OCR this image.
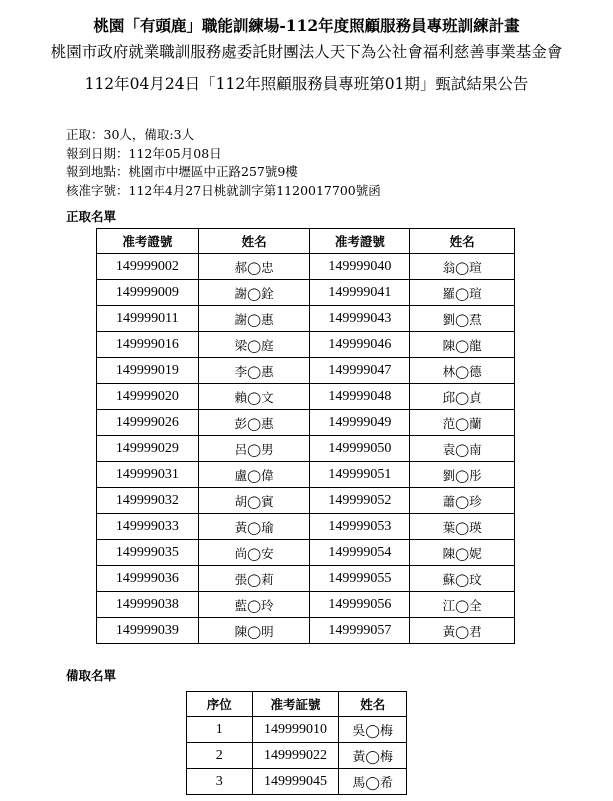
桃園「有頭鹿」職能訓練場-112年度照顧服務員專班訓練計畫
桃園市政府就業職訓服務處委託財團法人天下為公社會福利慈善事業基金會
112年04月24日「112年照顧服務員專班第01期」甄試結果公告
正取：30人，備取:3人
報到日期：112年05月08日
報到地點：桃園市中壢區中正路257號9樓
核准字號：112年4月27日桃就訓字第1120017700號函
正取名單
准考證號	姓名	准考證號	姓名
149999002	郝◯忠	149999040	翁◯瑄
149999009	謝◯銓	149999041	羅◯瑄
149999011	謝◯惠	149999043	劉◯焄
149999016	梁◯庭	149999046	陳◯龍
149999019	李◯惠	149999047	林◯德
149999020	賴◯文	149999048	邱◯貞
149999026	彭◯惠	149999049	范◯蘭
149999029	呂◯男	149999050	袁◯南
149999031	盧◯偉	149999051	劉◯彤
149999032	胡◯賓	149999052	蕭◯珍
149999033	黃◯瑜	149999053	葉◯瑛
149999035	尚◯安	149999054	陳◯妮
149999036	張◯莉	149999055	蘇◯玟
149999038	藍◯玲	149999056	江◯全
149999039	陳◯明	149999057	黃◯君
備取名單
序位	准考証號	姓名
1	149999010	吳◯梅
2	149999022	黃◯梅
3	149999045	馬◯希
